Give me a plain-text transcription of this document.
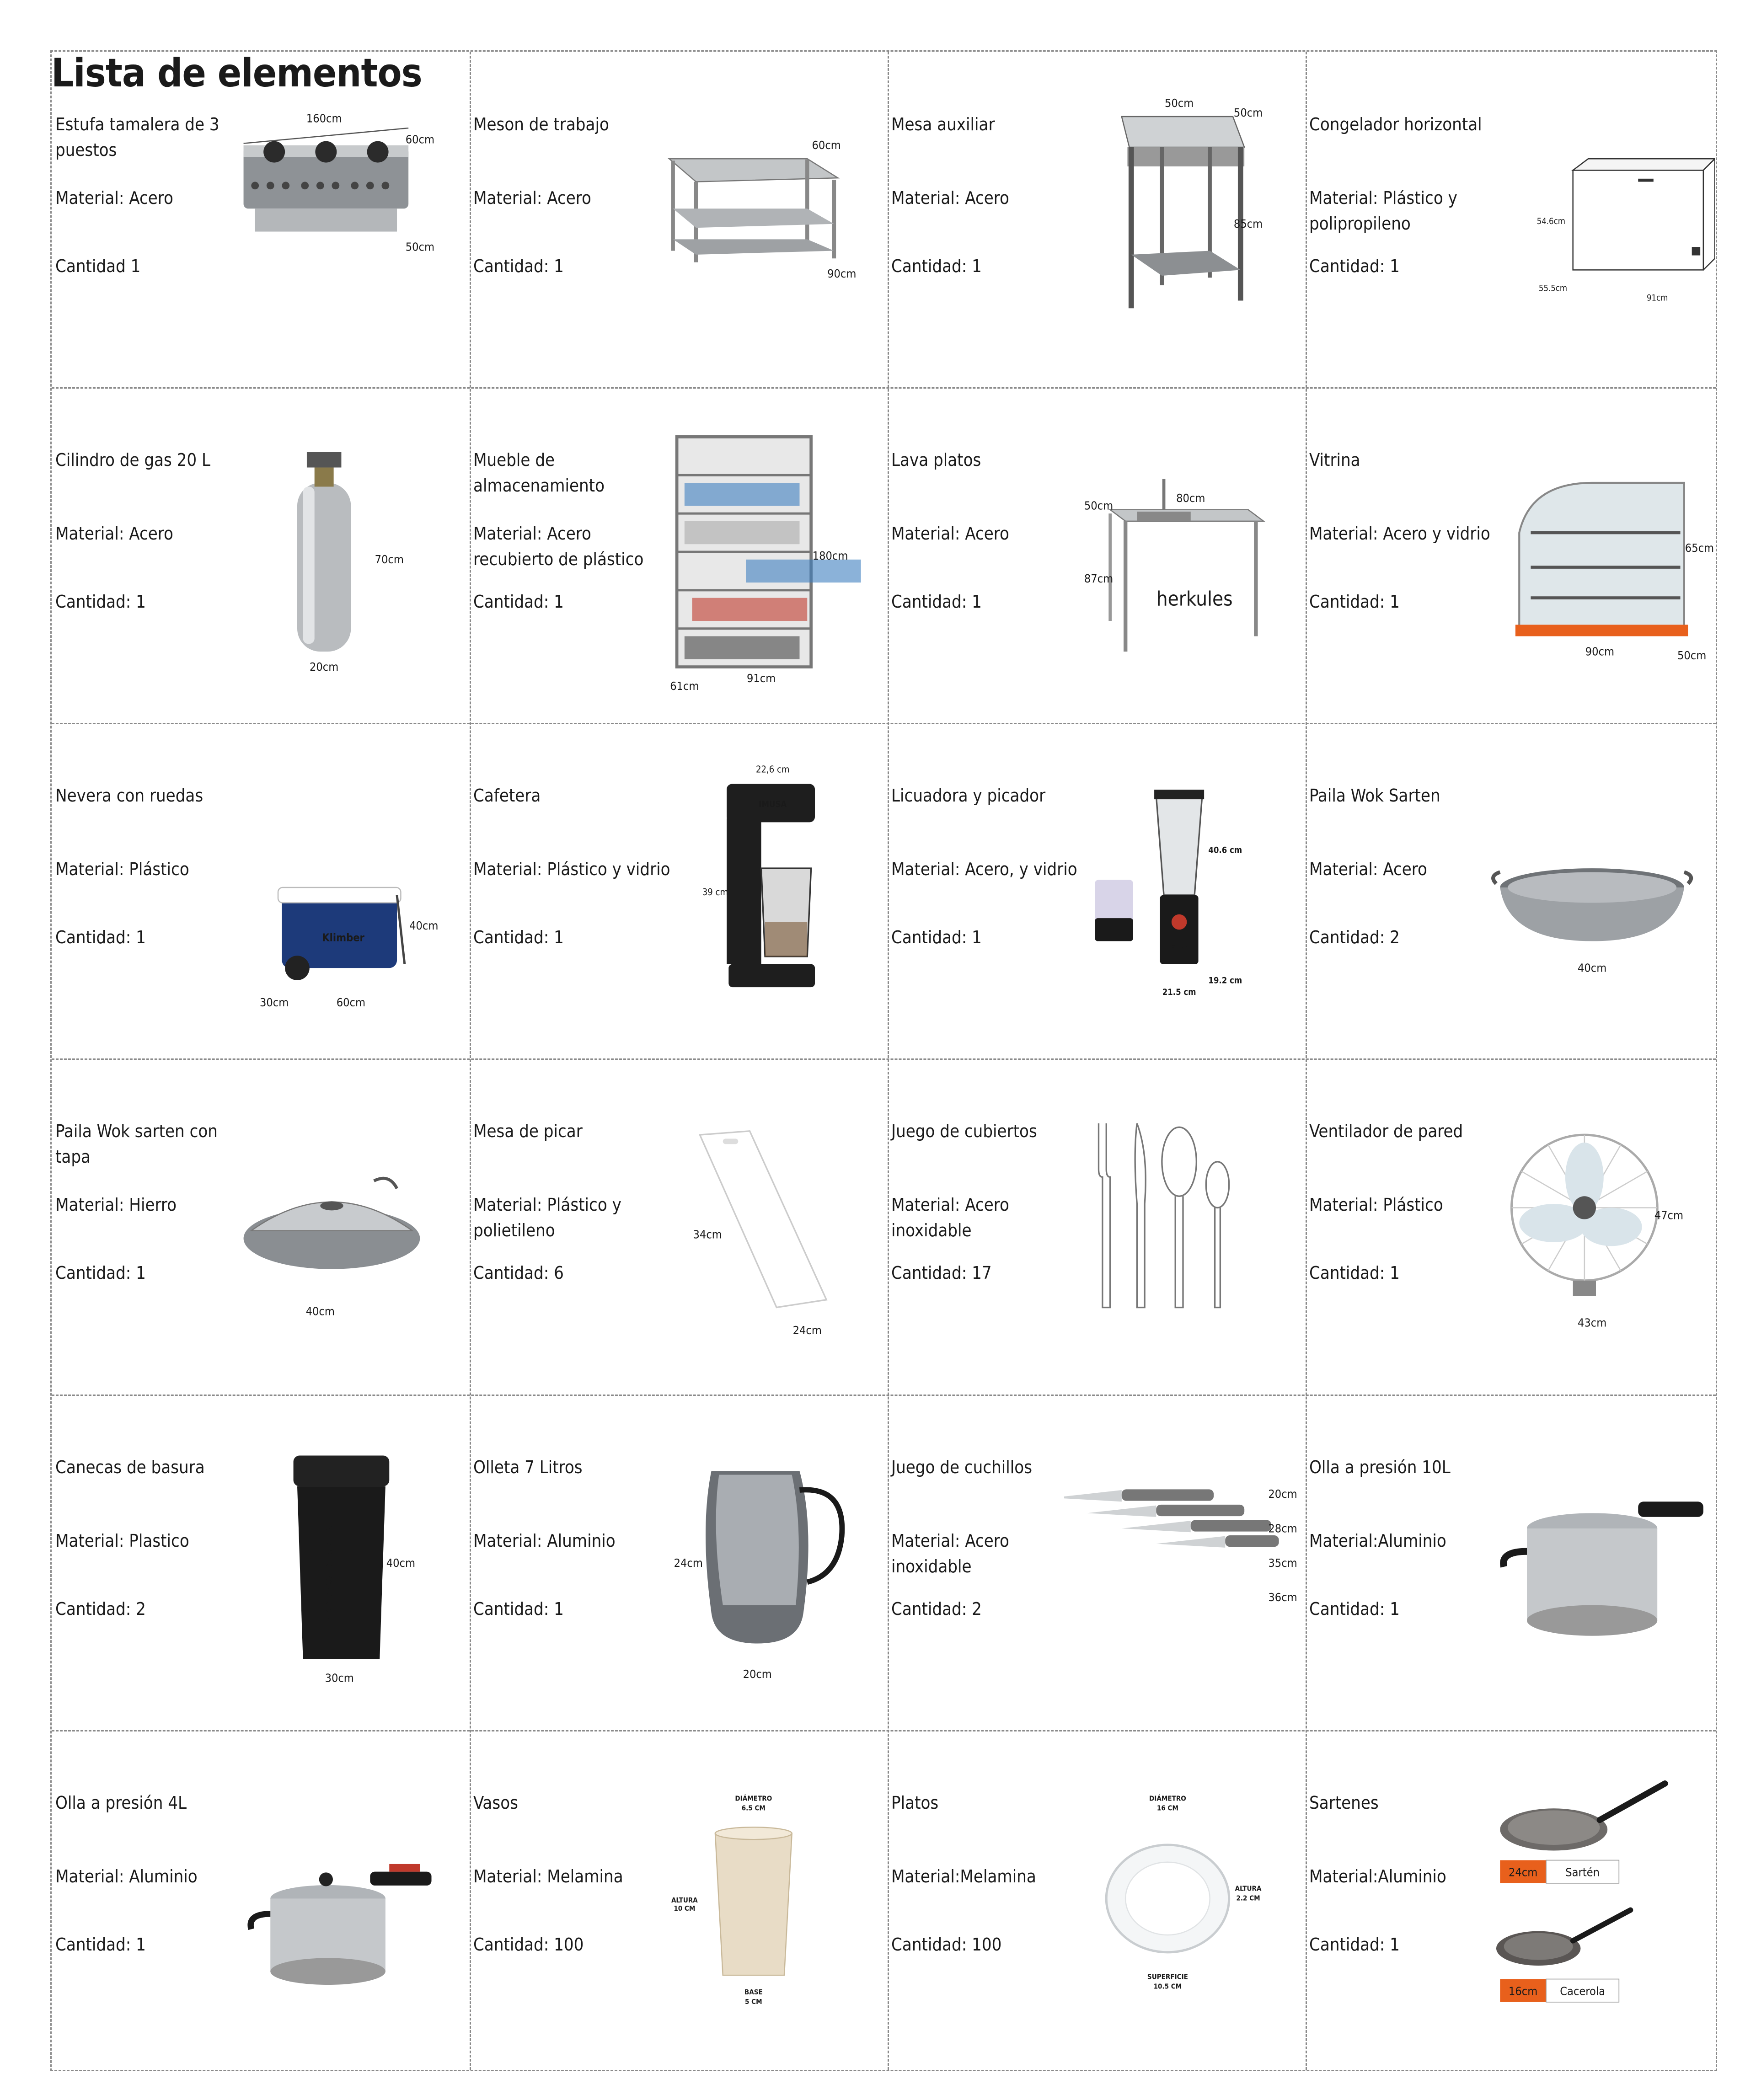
Estufa tamalera de 3 puestos
Material: Acero
Cantidad 1
160cm
60cm
50cm
Meson de trabajo
Material: Acero
Cantidad: 1
60cm
90cm
Mesa auxiliar
Material: Acero
Cantidad: 1
50cm
50cm
85cm
Congelador horizontal
Material: Plástico y polipropileno
Cantidad: 1
54.6cm
55.5cm
91cm
Cilindro de gas 20 L
Material: Acero
Cantidad: 1
70cm
20cm
Mueble de almacenamiento
Material: Acero recubierto de plástico
Cantidad: 1
180cm
61cm
91cm
Lava platos
Material: Acero
Cantidad: 1
80cm
50cm
87cm
herkules
Vitrina
Material: Acero y vidrio
Cantidad: 1
65cm
90cm	50cm
Nevera con ruedas
Material: Plástico
Cantidad: 1	Klimber
40cm
30cm	60cm
Cafetera
Material: Plástico y vidrio
Cantidad: 1
IMUSA
22,6 cm
39 cm
Licuadora y picador
Material: Acero, y vidrio
Cantidad: 1	IMUSA
40.6 cm
21.5 cm
19.2 cm
Paila Wok Sarten
Material: Acero
Cantidad: 2
40cm
Paila Wok sarten con tapa
Material: Hierro
Cantidad: 1
40cm
Mesa de picar
Material: Plástico y polietileno
Cantidad: 6
34cm
24cm
Juego de cubiertos
Material: Acero inoxidable
Cantidad: 17
Ventilador de pared
Material: Plástico
Cantidad: 1
47cm
43cm
Canecas de basura
Material: Plastico
Cantidad: 2	No Aprovechables	40cm
30cm
Olleta 7 Litros
Material: Aluminio
Cantidad: 1
24cm
20cm
Juego de cuchillos
Material: Acero inoxidable
Cantidad: 2
20cm
28cm
35cm
36cm
Olla a presión 10L
Material:Aluminio
Cantidad: 1
Olla a presión 4L
Material: Aluminio
Cantidad: 1
Vasos
Material: Melamina
Cantidad: 100
DIÁMETRO
6.5 CM
ALTURA
10 CM
BASE
5 CM
Platos
Material:Melamina
Cantidad: 100
DIÁMETRO
16 CM
ALTURA
2.2 CM
SUPERFICIE
10.5 CM
Sartenes
Material:Aluminio
Cantidad: 1
24cm Sartén
16cm Cacerola
Lista de elementos
